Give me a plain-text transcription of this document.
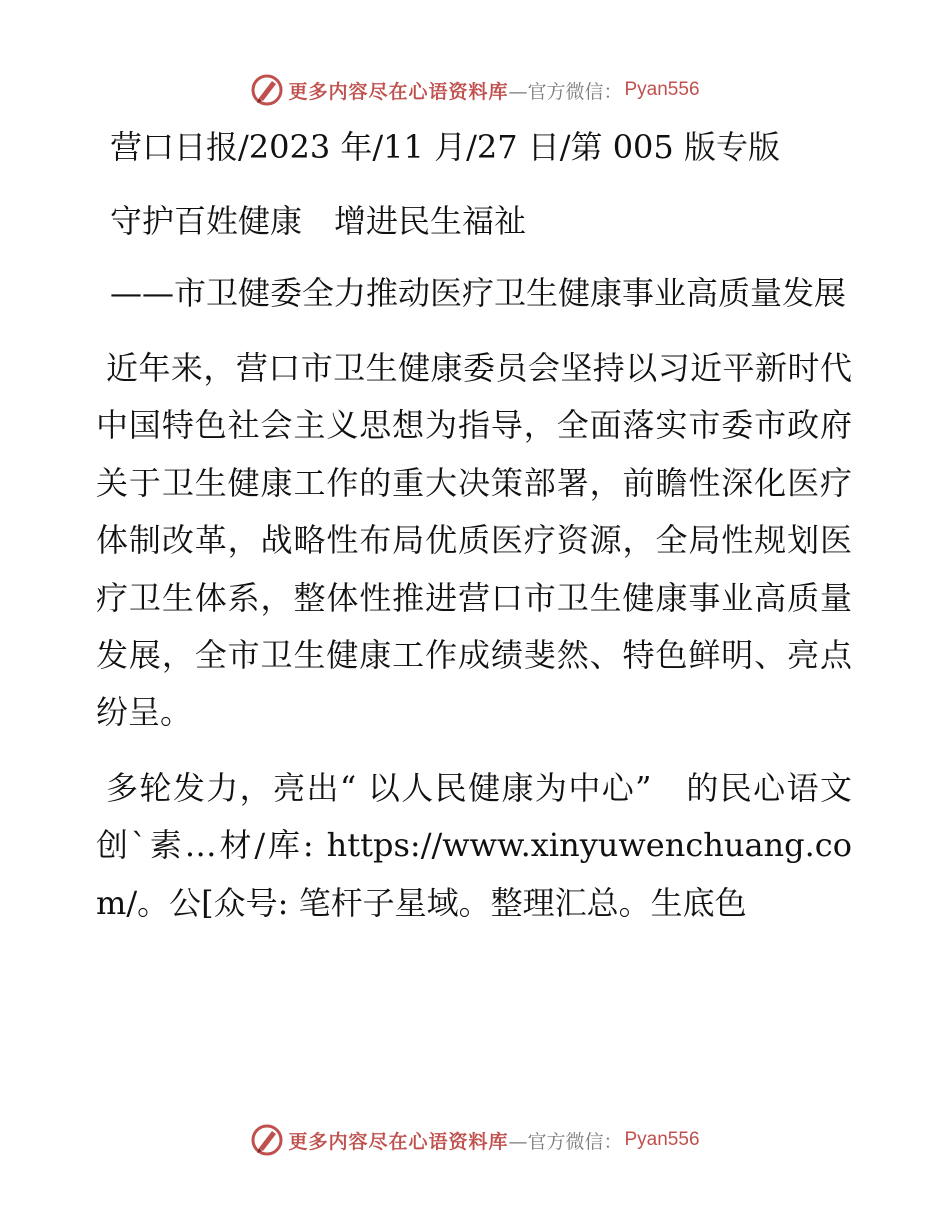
更多内容尽在心语资料库 —官方微信： Pyan556

营口日报/2023 年/11 月/27 日/第 005 版专版

守护百姓健康　增进民生福祉

——市卫健委全力推动医疗卫生健康事业高质量发展

近年来，营口市卫生健康委员会坚持以习近平新时代中国特色社会主义思想为指导，全面落实市委市政府关于卫生健康工作的重大决策部署，前瞻性深化医疗体制改革，战略性布局优质医疗资源，全局性规划医疗卫生体系，整体性推进营口市卫生健康事业高质量发展，全市卫生健康工作成绩斐然、特色鲜明、亮点纷呈。

多轮发力，亮出“ 以人民健康为中心”　的民心语文创`素…材/库: https://www.xinyuwenchuang.com/。公[众号: 笔杆子星域。整理汇总。生底色

更多内容尽在心语资料库 —官方微信： Pyan556
